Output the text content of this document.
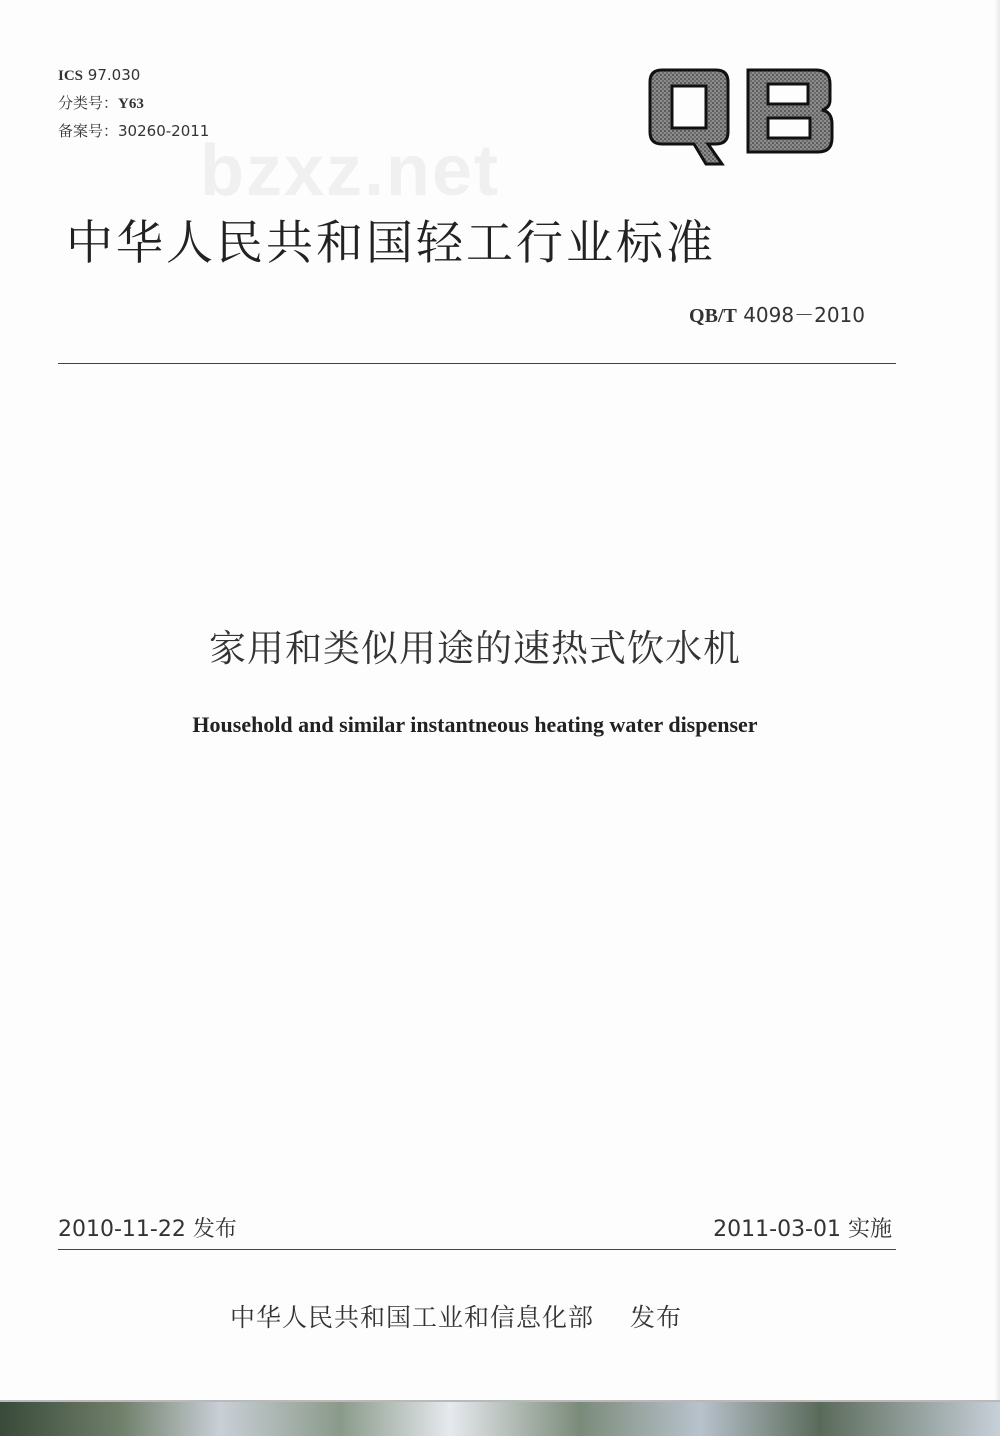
ICS 97.030
分类号：Y63
备案号：30260-2011
bzxz.net
中华人民共和国轻工行业标准
QB/T 4098－2010
家用和类似用途的速热式饮水机
Household and similar instantneous heating water dispenser
2010-11-22 发布	2011-03-01 实施
中华人民共和国工业和信息化部 发布
